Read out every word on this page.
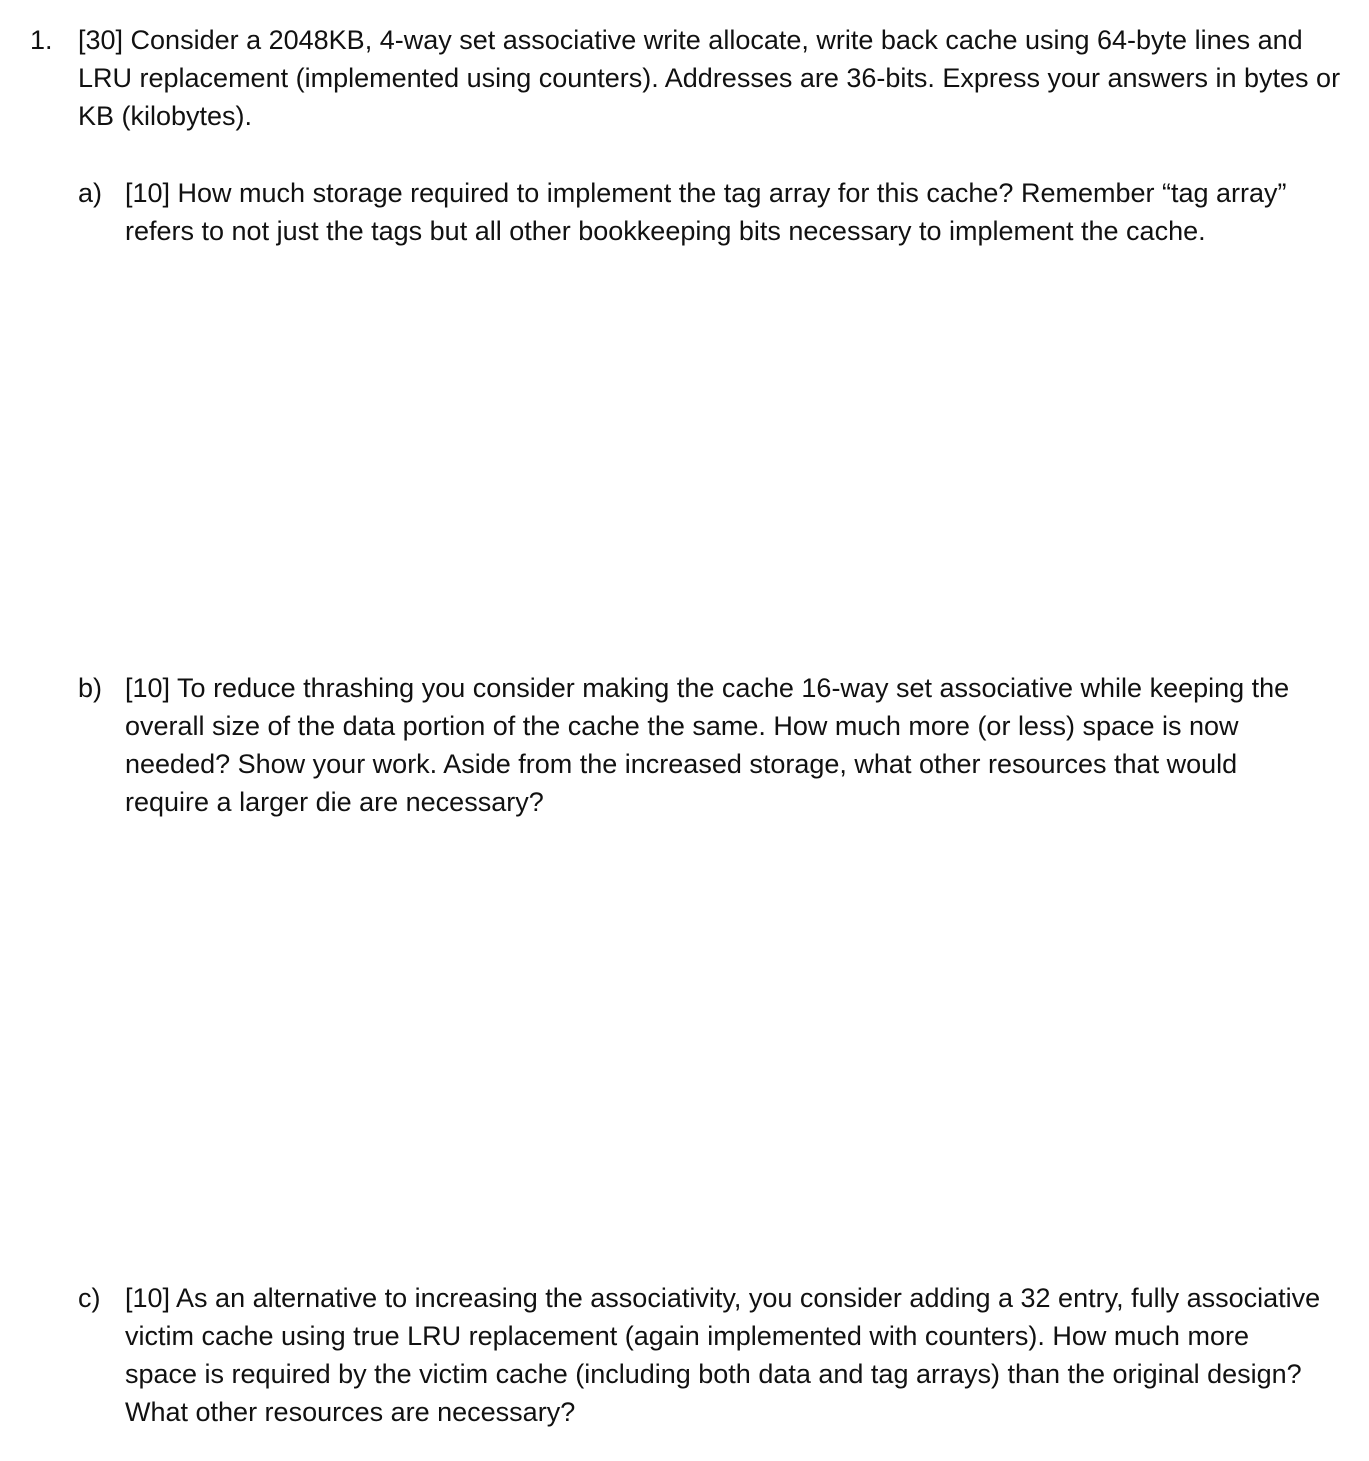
1. [30] Consider a 2048KB, 4-way set associative write allocate, write back cache using 64-byte lines and LRU replacement (implemented using counters). Addresses are 36-bits. Express your answers in bytes or KB (kilobytes).
a) [10] How much storage required to implement the tag array for this cache? Remember “tag array” refers to not just the tags but all other bookkeeping bits necessary to implement the cache.
b) [10] To reduce thrashing you consider making the cache 16-way set associative while keeping the overall size of the data portion of the cache the same. How much more (or less) space is now needed? Show your work. Aside from the increased storage, what other resources that would require a larger die are necessary?
c) [10] As an alternative to increasing the associativity, you consider adding a 32 entry, fully associative victim cache using true LRU replacement (again implemented with counters). How much more space is required by the victim cache (including both data and tag arrays) than the original design? What other resources are necessary?
